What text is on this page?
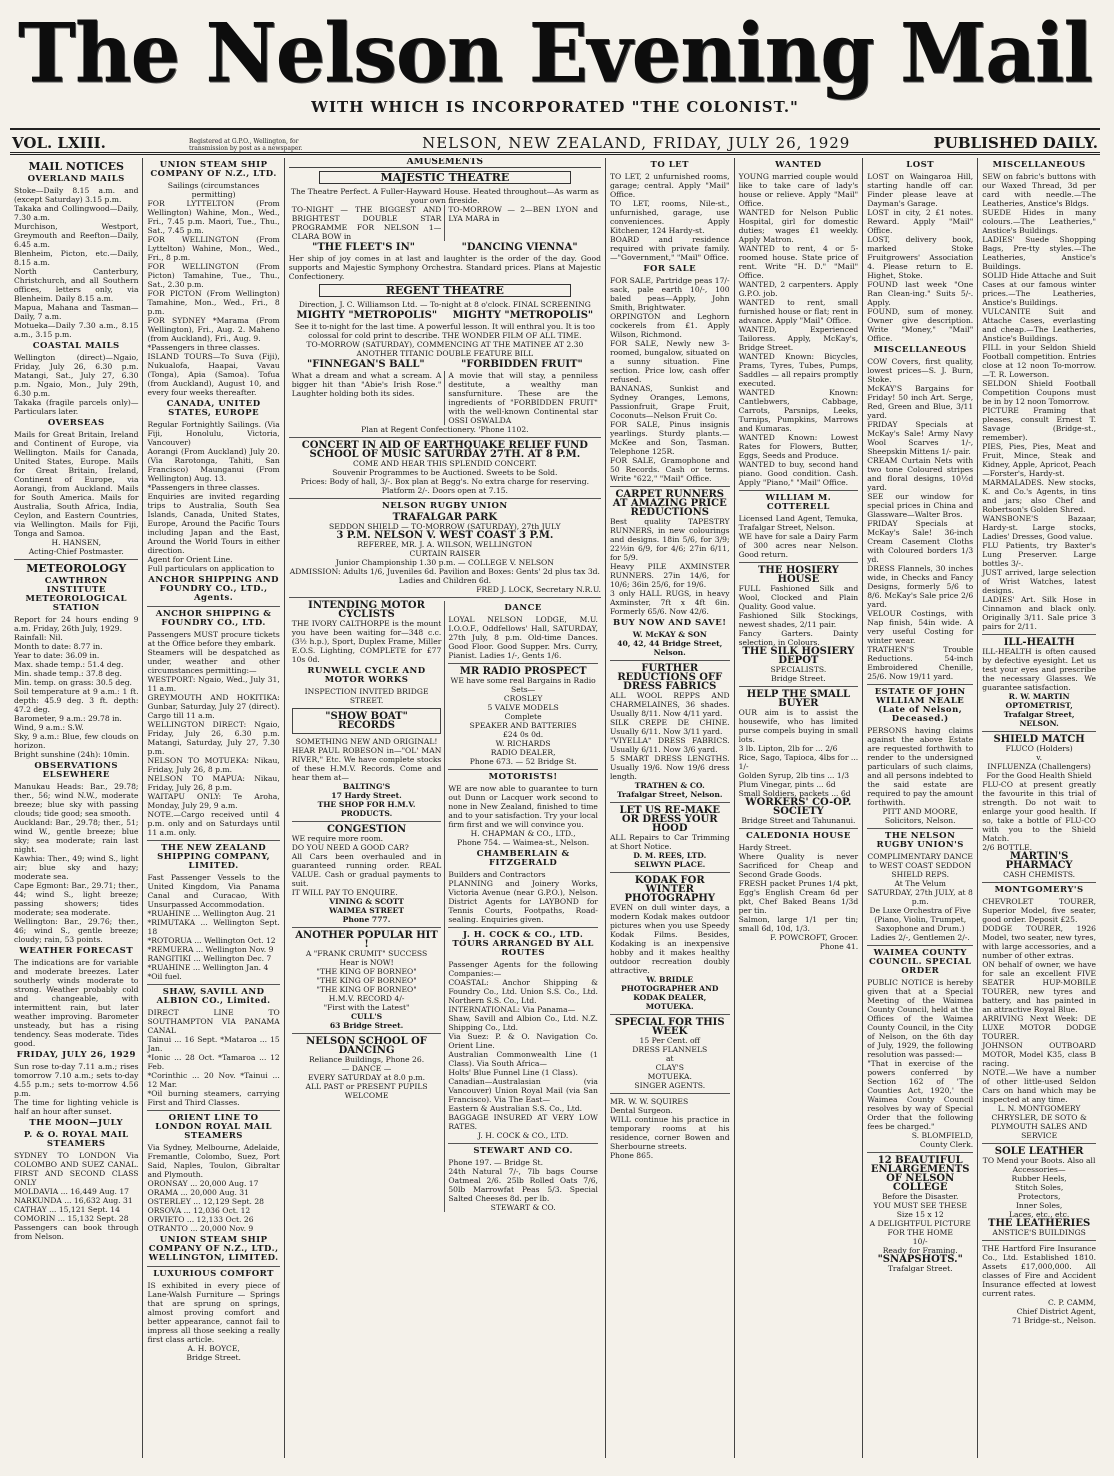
The Nelson Evening Mail
WITH WHICH IS INCORPORATED "THE COLONIST."
VOL. LXIII.	Registered at G.P.O., Wellington, for transmission by post as a newspaper.	NELSON, NEW ZEALAND, FRIDAY, JULY 26, 1929	PUBLISHED DAILY.
MAIL NOTICES
OVERLAND MAILS
Stoke—Daily 8.15 a.m. and (except Saturday) 3.15 p.m.
Takaka and Collingwood—Daily, 7.30 a.m.
Murchison, Westport, Greymouth and Reefton—Daily, 6.45 a.m.
Blenheim, Picton, etc.—Daily, 8.15 a.m.
North Canterbury, Christchurch, and all Southern offices, letters only, via Blenheim. Daily 8.15 a.m.
Mapua, Mahana and Tasman—Daily, 7 a.m.
Motueka—Daily 7.30 a.m., 8.15 a.m., 3.15 p.m.
COASTAL MAILS
Wellington (direct)—Ngaio, Friday, July 26, 6.30 p.m. Matangi, Sat., July 27, 6.30 p.m. Ngaio, Mon., July 29th, 6.30 p.m.
Takaka (fragile parcels only)—Particulars later.
OVERSEAS
Mails for Great Britain, Ireland and Continent of Europe, via Wellington. Mails for Canada, United States, Europe. Mails for Great Britain, Ireland, Continent of Europe, via Aorangi, from Auckland. Mails for South America. Mails for Australia, South Africa, India, Ceylon, and Eastern Countries, via Wellington. Mails for Fiji, Tonga and Samoa.
H. HANSEN,
Acting-Chief Postmaster.
METEOROLOGY
CAWTHRON INSTITUTE METEOROLOGICAL STATION
Report for 24 hours ending 9 a.m. Friday, 26th July, 1929.
Rainfall: Nil.
Month to date: 8.77 in.
Year to date: 36.09 in.
Max. shade temp.: 51.4 deg.
Min. shade temp.: 37.8 deg.
Min. temp. on grass: 30.5 deg.
Soil temperature at 9 a.m.: 1 ft. depth: 45.9 deg. 3 ft. depth: 47.2 deg.
Barometer, 9 a.m.: 29.78 in.
Wind, 9 a.m.: S.W.
Sky, 9 a.m.: Blue, few clouds on horizon.
Bright sunshine (24h): 10min.
OBSERVATIONS ELSEWHERE
Manukau Heads: Bar., 29.78; ther., 56; wind N.W., moderate breeze; blue sky with passing clouds; tide good; sea smooth.
Auckland: Bar., 29.78; ther., 51; wind W., gentle breeze; blue sky; sea moderate; rain last night.
Kawhia: Ther., 49; wind S., light air; blue sky and hazy; moderate sea.
Cape Egmont: Bar., 29.71; ther., 44; wind S., light breeze; passing showers; tides moderate; sea moderate.
Wellington: Bar., 29.76; ther., 46; wind S., gentle breeze; cloudy; rain, 53 points.
WEATHER FORECAST
The indications are for variable and moderate breezes. Later southerly winds moderate to strong. Weather probably cold and changeable, with intermittent rain, but later weather improving. Barometer unsteady, but has a rising tendency. Seas moderate. Tides good.
FRIDAY, JULY 26, 1929
Sun rose to-day 7.11 a.m.; rises tomorrow 7.10 a.m.; sets to-day 4.55 p.m.; sets to-morrow 4.56 p.m.
The time for lighting vehicle is half an hour after sunset.
THE MOON—JULY
P. & O. ROYAL MAIL STEAMERS
SYDNEY TO LONDON Via COLOMBO AND SUEZ CANAL. FIRST AND SECOND CLASS ONLY
MOLDAVIA ... 16,449 Aug. 17
NARKUNDA ... 16,632 Aug. 31
CATHAY ... 15,121 Sept. 14
COMORIN ... 15,132 Sept. 28
Passengers can book through from Nelson.
UNION STEAM SHIP COMPANY OF N.Z., LTD.
Sailings (circumstances permitting)
FOR LYTTELTON (From Wellington) Wahine, Mon., Wed., Fri., 7.45 p.m. Maori, Tue., Thu., Sat., 7.45 p.m.
FOR WELLINGTON (From Lyttelton) Wahine, Mon., Wed., Fri., 8 p.m.
FOR WELLINGTON (From Picton) Tamahine, Tue., Thu., Sat., 2.30 p.m.
FOR PICTON (From Wellington) Tamahine, Mon., Wed., Fri., 8 p.m.
FOR SYDNEY *Marama (From Wellington), Fri., Aug. 2. Maheno (from Auckland), Fri., Aug. 9.
*Passengers in three classes.
ISLAND TOURS—To Suva (Fiji), Nukualofa, Haapai, Vavau (Tonga), Apia (Samoa). Tofua (from Auckland), August 10, and every four weeks thereafter.
CANADA, UNITED STATES, EUROPE
Regular Fortnightly Sailings. (Via Fiji, Honolulu, Victoria, Vancouver)
Aorangi (From Auckland) July 20. (Via Rarotonga, Tahiti, San Francisco) Maunganui (From Wellington) Aug. 13.
*Passengers in three classes.
Enquiries are invited regarding trips to Australia, South Sea Islands, Canada, United States, Europe, Around the Pacific Tours including Japan and the East, Around the World Tours in either direction.
Agent for Orient Line.
Full particulars on application to
ANCHOR SHIPPING AND FOUNDRY CO., LTD., Agents.
ANCHOR SHIPPING & FOUNDRY CO., LTD.
Passengers MUST procure tickets at the Office before they embark.
Steamers will be despatched as under, weather and other circumstances permitting:—
WESTPORT: Ngaio, Wed., July 31, 11 a.m.
GREYMOUTH AND HOKITIKA: Gunbar, Saturday, July 27 (direct). Cargo till 11 a.m.
WELLINGTON DIRECT: Ngaio, Friday, July 26, 6.30 p.m. Matangi, Saturday, July 27, 7.30 p.m.
NELSON TO MOTUEKA: Nikau, Friday, July 26, 8 p.m.
NELSON TO MAPUA: Nikau, Friday, July 26, 8 p.m.
WAITAPU ONLY: Te Aroha, Monday, July 29, 9 a.m.
NOTE.—Cargo received until 4 p.m. only and on Saturdays until 11 a.m. only.
THE NEW ZEALAND SHIPPING COMPANY, LIMITED.
Fast Passenger Vessels to the United Kingdom, Via Panama Canal and Curacao, With Unsurpassed Accommodation.
*RUAHINE ... Wellington Aug. 21
*RIMUTAKA ... Wellington Sept. 18
*ROTORUA ... Wellington Oct. 12
*REMUERA ... Wellington Nov. 9
RANGITIKI ... Wellington Dec. 7
*RUAHINE ... Wellington Jan. 4
*Oil fuel.
SHAW, SAVILL AND ALBION CO., Limited.
DIRECT LINE TO SOUTHAMPTON VIA PANAMA CANAL
Tainui ... 16 Sept. *Mataroa ... 15 Jan.
*Ionic ... 28 Oct. *Tamaroa ... 12 Feb.
*Corinthic ... 20 Nov. *Tainui ... 12 Mar.
*Oil burning steamers, carrying First and Third Classes.
ORIENT LINE TO LONDON ROYAL MAIL STEAMERS
Via Sydney, Melbourne, Adelaide, Fremantle, Colombo, Suez, Port Said, Naples, Toulon, Gibraltar and Plymouth.
ORONSAY ... 20,000 Aug. 17
ORAMA ... 20,000 Aug. 31
OSTERLEY ... 12,129 Sept. 28
ORSOVA ... 12,036 Oct. 12
ORVIETO ... 12,133 Oct. 26
OTRANTO ... 20,000 Nov. 9
UNION STEAM SHIP COMPANY OF N.Z., LTD., WELLINGTON, LIMITED.
LUXURIOUS COMFORT
IS exhibited in every piece of Lane-Walsh Furniture — Springs that are sprung on springs, almost proving comfort and better appearance, cannot fail to impress all those seeking a really first class article.
A. H. BOYCE,
Bridge Street.
AMUSEMENTS
MAJESTIC THEATRE
The Theatre Perfect. A Fuller-Hayward House. Heated throughout—As warm as your own fireside.
TO-NIGHT — THE BIGGEST AND BRIGHTEST DOUBLE STAR PROGRAMME FOR NELSON 1—CLARA BOW in
TO-MORROW — 2—BEN LYON and LYA MARA in
"THE FLEET'S IN"	"DANCING VIENNA"
Her ship of joy comes in at last and laughter is the order of the day. Good supports and Majestic Symphony Orchestra. Standard prices. Plans at Majestic Confectionery.
REGENT THEATRE
Direction, J. C. Williamson Ltd. — To-night at 8 o'clock. FINAL SCREENING
MIGHTY "METROPOLIS" MIGHTY "METROPOLIS"
See it to-night for the last time. A powerful lesson. It will enthral you. It is too colossal for cold print to describe. THE WONDER FILM OF ALL TIME.
TO-MORROW (SATURDAY), COMMENCING AT THE MATINEE AT 2.30 ANOTHER TITANIC DOUBLE FEATURE BILL
"FINNEGAN'S BALL"	"FORBIDDEN FRUIT"
What a dream and what a scream. A bigger hit than "Abie's Irish Rose." Laughter holding both its sides.
A movie that will stay, a penniless destitute, a wealthy man sansfurniture. These are the ingredients of "FORBIDDEN FRUIT" with the well-known Continental star OSSI OSWALDA
Plan at Regent Confectionery. 'Phone 1102.
CONCERT IN AID OF EARTHQUAKE RELIEF FUND
SCHOOL OF MUSIC SATURDAY 27TH. AT 8 P.M.
COME AND HEAR THIS SPLENDID CONCERT.
Souvenir Programmes to be Auctioned. Sweets to be Sold.
Prices: Body of hall, 3/-. Box plan at Begg's. No extra charge for reserving. Platform 2/-. Doors open at 7.15.
NELSON RUGBY UNION
TRAFALGAR PARK
SEDDON SHIELD — TO-MORROW (SATURDAY), 27th JULY
3 P.M. NELSON V. WEST COAST 3 P.M.
REFEREE, MR. J. A. WILSON, WELLINGTON
CURTAIN RAISER
Junior Championship 1.30 p.m. — COLLEGE V. NELSON
ADMISSION: Adults 1/6, Juveniles 6d. Pavilion and Boxes: Gents' 2d plus tax 3d. Ladies and Children 6d.
FRED J. LOCK, Secretary N.R.U.
INTENDING MOTOR CYCLISTS
THE IVORY CALTHORPE is the mount you have been waiting for—348 c.c. (3½ h.p.), Sport, Duplex Frame, Miller E.O.S. Lighting, COMPLETE for £77 10s 0d.
RUNWELL CYCLE AND MOTOR WORKS
INSPECTION INVITED BRIDGE STREET.
"SHOW BOAT" RECORDS
SOMETHING NEW AND ORIGINAL!
HEAR PAUL ROBESON in—"OL' MAN RIVER," Etc. We have complete stocks of these H.M.V. Records. Come and hear them at—
BALTING'S
17 Hardy Street.
THE SHOP FOR H.M.V. PRODUCTS.
CONGESTION
WE require more room.
DO YOU NEED A GOOD CAR?
All Cars been overhauled and in guaranteed running order. REAL VALUE. Cash or gradual payments to suit.
IT WILL PAY TO ENQUIRE.
VINING & SCOTT
WAIMEA STREET
Phone 777.
ANOTHER POPULAR HIT !
A "FRANK CRUMIT" SUCCESS
Hear is NOW!
"THE KING OF BORNEO"
"THE KING OF BORNEO"
"THE KING OF BORNEO"
H.M.V. RECORD 4/-
"First with the Latest"
CULL'S
63 Bridge Street.
NELSON SCHOOL OF DANCING
Reliance Buildings, Phone 26.
— DANCE —
EVERY SATURDAY at 8.0 p.m.
ALL PAST or PRESENT PUPILS WELCOME
DANCE
LOYAL NELSON LODGE, M.U. I.O.O.F., Oddfellows' Hall, SATURDAY, 27th July, 8 p.m. Old-time Dances. Good Floor. Good Supper. Mrs. Curry, Pianist. Ladies 1/-, Gents 1/6.
MR RADIO PROSPECT
WE have some real Bargains in Radio Sets—
CROSLEY
5 VALVE MODELS
Complete
SPEAKER AND BATTERIES
£24 0s 0d.
W. RICHARDS
RADIO DEALER,
Phone 673. — 52 Bridge St.
MOTORISTS!
WE are now able to guarantee to turn out Dunn or Lacquer work second to none in New Zealand, finished to time and to your satisfaction. Try your local firm first and we will convince you.
H. CHAPMAN & CO., LTD.,
Phone 754. — Waimea-st., Nelson.
CHAMBERLAIN & FITZGERALD
Builders and Contractors
PLANNING and Joinery Works, Victoria Avenue (near G.P.O.), Nelson. District Agents for LAYBOND for Tennis Courts, Footpaths, Road-sealing. Enquiries given.
J. H. COCK & CO., LTD. TOURS ARRANGED BY ALL ROUTES
Passenger Agents for the following Companies:—
COASTAL: Anchor Shipping & Foundry Co., Ltd. Union S.S. Co., Ltd. Northern S.S. Co., Ltd.
INTERNATIONAL: Via Panama—
Shaw, Savill and Albion Co., Ltd. N.Z. Shipping Co., Ltd.
Via Suez: P. & O. Navigation Co. Orient Line.
Australian Commonwealth Line (1 Class). Via South Africa—
Holts' Blue Funnel Line (1 Class).
Canadian—Australasian (via Vancouver) Union Royal Mail (via San Francisco). Via The East—
Eastern & Australian S.S. Co., Ltd.
BAGGAGE INSURED AT VERY LOW RATES.
J. H. COCK & CO., LTD.
STEWART AND CO.
Phone 197. — Bridge St.
24th Natural 7/-, 7lb bags Course Oatmeal 2/6. 25lb Rolled Oats 7/6, 50lb Marrowfat Peas 5/3. Special Salted Cheeses 8d. per lb.
STEWART & CO.
TO LET
TO LET, 2 unfurnished rooms, garage; central. Apply "Mail" Office.
TO LET, rooms, Nile-st., unfurnished, garage, use conveniences. Apply Kitchener, 124 Hardy-st.
BOARD and residence required with private family.—"Government," "Mail" Office.
FOR SALE
FOR SALE, Partridge peas 17/- sack, pale earth 10/-, 100 baled peas—Apply, John Smith, Brightwater.
ORPINGTON and Leghorn cockerels from £1. Apply Wilson, Richmond.
FOR SALE, Newly new 3-roomed, bungalow, situated on a sunny situation. Fine section. Price low, cash offer refused.
BANANAS, Sunkist and Sydney Oranges, Lemons, Passionfruit, Grape Fruit, Coconuts—Nelson Fruit Co.
FOR SALE, Pinus insignis yearlings. Sturdy plants.—McKee and Son, Tasman. Telephone 125R.
FOR SALE, Gramophone and 50 Records. Cash or terms. Write "622," "Mail" Office.
CARPET RUNNERS AT AMAZING PRICE REDUCTIONS
Best quality TAPESTRY RUNNERS, in new colourings and designs. 18in 5/6, for 3/9; 22½in 6/9, for 4/6; 27in 6/11, for 5/9.
Heavy PILE AXMINSTER RUNNERS. 27in 14/6, for 10/6; 36in 25/6, for 19/6.
3 only HALL RUGS, in heavy Axminster, 7ft x 4ft 6in. Formerly 65/6. Now 42/6.
BUY NOW AND SAVE!
W. McKAY & SON
40, 42, 44 Bridge Street, Nelson.
FURTHER REDUCTIONS OFF DRESS FABRICS
ALL WOOL REPPS AND CHARMELAINES, 36 shades. Usually 8/11. Now 4/11 yard.
SILK CREPE DE CHINE. Usually 6/11. Now 3/11 yard.
"VIYELLA" DRESS FABRICS. Usually 6/11. Now 3/6 yard.
5 SMART DRESS LENGTHS. Usually 19/6. Now 19/6 dress length.
TRATHEN & CO.
Trafalgar Street, Nelson.
LET US RE-MAKE OR DRESS YOUR HOOD
ALL Repairs to Car Trimming at Short Notice.
D. M. REES, LTD.
SELWYN PLACE.
KODAK FOR WINTER PHOTOGRAPHY
EVEN on dull winter days, a modern Kodak makes outdoor pictures when you use Speedy Kodak Films. Besides, Kodaking is an inexpensive hobby and it makes healthy outdoor recreation doubly attractive.
W. BRIDLE
PHOTOGRAPHER AND KODAK DEALER,
MOTUEKA.
SPECIAL FOR THIS WEEK
15 Per Cent. off
DRESS FLANNELS
at
CLAY'S
MOTUEKA.
SINGER AGENTS.
MR. W. W. SQUIRES
Dental Surgeon.
WILL continue his practice in temporary rooms at his residence, corner Bowen and Sherbourne streets.
Phone 865.
WANTED
YOUNG married couple would like to take care of lady's house or relieve. Apply "Mail" Office.
WANTED for Nelson Public Hospital, girl for domestic duties; wages £1 weekly. Apply Matron.
WANTED to rent, 4 or 5-roomed house. State price of rent. Write "H. D." "Mail" Office.
WANTED, 2 carpenters. Apply G.P.O. job.
WANTED to rent, small furnished house or flat; rent in advance. Apply "Mail" Office.
WANTED, Experienced Tailoress. Apply, McKay's, Bridge Street.
WANTED Known: Bicycles, Prams, Tyres, Tubes, Pumps, Saddles — all repairs promptly executed.
WANTED Known: Cantlebwers, Cabbage, Carrots, Parsnips, Leeks, Turnips, Pumpkins, Marrows and Kumaras.
WANTED Known: Lowest Rates for Flowers, Butter, Eggs, Seeds and Produce.
WANTED to buy, second hand piano. Good condition. Cash. Apply "Piano," "Mail" Office.
WILLIAM M. COTTERELL
Licensed Land Agent, Temuka, Trafalgar Street, Nelson.
WE have for sale a Dairy Farm of 300 acres near Nelson. Good return.
THE HOSIERY HOUSE
FULL Fashioned Silk and Wool, Clocked and Plain Quality. Good value.
Fashioned Silk Stockings, newest shades, 2/11 pair.
Fancy Garters. Dainty selection, in Colours.
THE SILK HOSIERY DEPOT
SPECIALISTS.
Bridge Street.
HELP THE SMALL BUYER
OUR aim is to assist the housewife, who has limited purse compels buying in small lots.
3 lb. Lipton, 2lb for ... 2/6
Rice, Sago, Tapioca, 4lbs for ... 1/-
Golden Syrup, 2lb tins ... 1/3
Plum Vinegar, pints ... 6d
Small Soldiers, packets ... 6d
WORKERS' CO-OP. SOCIETY
Bridge Street and Tahunanui.
CALEDONIA HOUSE
Hardy Street.
Where Quality is never Sacrificed for Cheap and Second Grade Goods.
FRESH packet Prunes 1/4 pkt, Egg's English Cream 6d per pkt, Chef Baked Beans 1/3d per tin.
Salmon, large 1/1 per tin; small 6d, 10d, 1/3.
F. POWCROFT, Grocer.
Phone 41.
LOST
LOST on Waingaroa Hill, starting handle off car. Finder please leave at Dayman's Garage.
LOST in city, 2 £1 notes. Reward. Apply "Mail" Office.
LOST, delivery book, marked Stoke Fruitgrowers' Association 4. Please return to E. Highet, Stoke.
FOUND last week "One Ran Clean-ing." Suits 5/-. Apply.
FOUND, sum of money. Owner give description. Write "Money," "Mail" Office.
MISCELLANEOUS
COW Covers, first quality, lowest prices—S. J. Burn, Stoke.
McKAY'S Bargains for Friday! 50 inch Art. Serge, Red, Green and Blue, 3/11 yard.
FRIDAY Specials at McKay's Sale! Army Navy Wool Scarves 1/-, Sheepskin Mittens 1/- pair.
CREAM Curtain Nets with two tone Coloured stripes and floral designs, 10½d yard.
SEE our window for special prices in China and Glassware—Walter Bros.
FRIDAY Specials at McKay's Sale! 36-inch Cream Casement Cloths with Coloured borders 1/3 yd.
DRESS Flannels, 30 inches wide, in Checks and Fancy Designs, formerly 5/6 to 8/6. McKay's Sale price 2/6 yard.
VELOUR Costings, with Nap finish, 54in wide. A very useful Costing for winter wear.
TRATHEN'S Trouble Reductions. 54-inch Embroidered Chenille, 25/6. Now 19/11 yard.
ESTATE OF JOHN WILLIAM NEALE (Late of Nelson, Deceased.)
PERSONS having claims against the above Estate are requested forthwith to render to the undersigned particulars of such claims, and all persons indebted to the said estate are required to pay the amount forthwith.
PITT AND MOORE,
Solicitors, Nelson.
THE NELSON RUGBY UNION'S
COMPLIMENTARY DANCE to WEST COAST SEDDON SHIELD REPS.
At The Velum
SATURDAY, 27th JULY, at 8 p.m.
De Luxe Orchestra of Five (Piano, Violin, Trumpet, Saxophone and Drum.)
Ladies 2/-, Gentlemen 2/-.
WAIMEA COUNTY COUNCIL. SPECIAL ORDER
PUBLIC NOTICE is hereby given that at a Special Meeting of the Waimea County Council, held at the Offices of the Waimea County Council, in the City of Nelson, on the 6th day of July, 1929, the following resolution was passed:—
"That in exercise of the powers conferred by Section 162 of 'The Counties Act, 1920,' the Waimea County Council resolves by way of Special Order that the following fees be charged."
S. BLOMFIELD,
County Clerk.
12 BEAUTIFUL ENLARGEMENTS OF NELSON COLLEGE
Before the Disaster.
YOU MUST SEE THESE
Size 15 x 12
A DELIGHTFUL PICTURE FOR THE HOME
10/-
Ready for Framing.
"SNAPSHOTS."
Trafalgar Street.
MISCELLANEOUS
SEW on fabric's buttons with our Waxed Thread, 3d per card with needle.—The Leatheries, Anstice's Bldgs.
SUEDE Hides in many colours.—The Leatheries," Anstice's Buildings.
LADIES' Suede Shopping Bags, Pre-tty styles.—The Leatheries, Anstice's Buildings.
SOLID Hide Attache and Suit Cases at our famous winter prices.—The Leatheries, Anstice's Buildings.
VULCANITE Suit and Attache Cases, everlasting and cheap.—The Leatheries, Anstice's Buildings.
FILL in your Seldon Shield Football competition. Entries close at 12 noon To-morrow.—T. R. Lowerson.
SELDON Shield Football Competition Coupons must be in by 12 noon Tomorrow.
PICTURE Framing that pleases, consult Ernest T. Savage (Bridge-st., remember).
PIES, Pies, Pies, Meat and Fruit, Mince, Steak and Kidney, Apple, Apricot, Peach—Forster's, Hardy-st.
MARMALADES. New stocks, K. and Co.'s Agents, in tins and jars; also Chef and Robertson's Golden Shred.
WANSBONE'S Bazaar, Hardy-st. Large stocks, Ladies' Dresses, Good value.
FLU Patients, try Baxter's Lung Preserver. Large bottles 3/-.
JUST arrived, large selection of Wrist Watches, latest designs.
LADIES' Art. Silk Hose in Cinnamon and black only. Originally 3/11. Sale price 3 pairs for 2/11.
ILL-HEALTH
ILL-HEALTH is often caused by defective eyesight. Let us test your eyes and prescribe the necessary Glasses. We guarantee satisfaction.
R. W. MARTIN
OPTOMETRIST,
Trafalgar Street,
NELSON.
SHIELD MATCH
FLUCO (Holders)
v.
INFLUENZA (Challengers)
For the Good Health Shield
FLU-CO at present greatly the favourite in this trial of strength. Do not wait to enlarge your good health. If so, take a bottle of FLU-CO with you to the Shield Match.
2/6 BOTTLE.
MARTIN'S PHARMACY
CASH CHEMISTS.
MONTGOMERY'S
CHEVROLET TOURER, Superior Model, five seater, good order. Deposit £25.
DODGE TOURER, 1926 Model, two seater, new tyres, with large accessories, and a number of other extras.
ON behalf of owner, we have for sale an excellent FIVE SEATER HUP-MOBILE TOURER, new tyres and battery, and has painted in an attractive Royal Blue.
ARRIVING Next Week: DE LUXE MOTOR DODGE TOURER.
JOHNSON OUTBOARD MOTOR, Model K35, class B racing.
NOTE.—We have a number of other little-used Seldon Cars on hand which may be inspected at any time.
L. N. MONTGOMERY
CHRYSLER, DE SOTO & PLYMOUTH SALES AND SERVICE
SOLE LEATHER
TO Mend your Boots. Also all Accessories—
Rubber Heels,
Stitch Soles,
Protectors,
Inner Soles,
Laces, etc., etc.
THE LEATHERIES
ANSTICE'S BUILDINGS
THE Hartford Fire Insurance Co., Ltd. Established 1810. Assets £17,000,000. All classes of Fire and Accident Insurance effected at lowest current rates.
C. P. CAMM,
Chief District Agent,
71 Bridge-st., Nelson.
